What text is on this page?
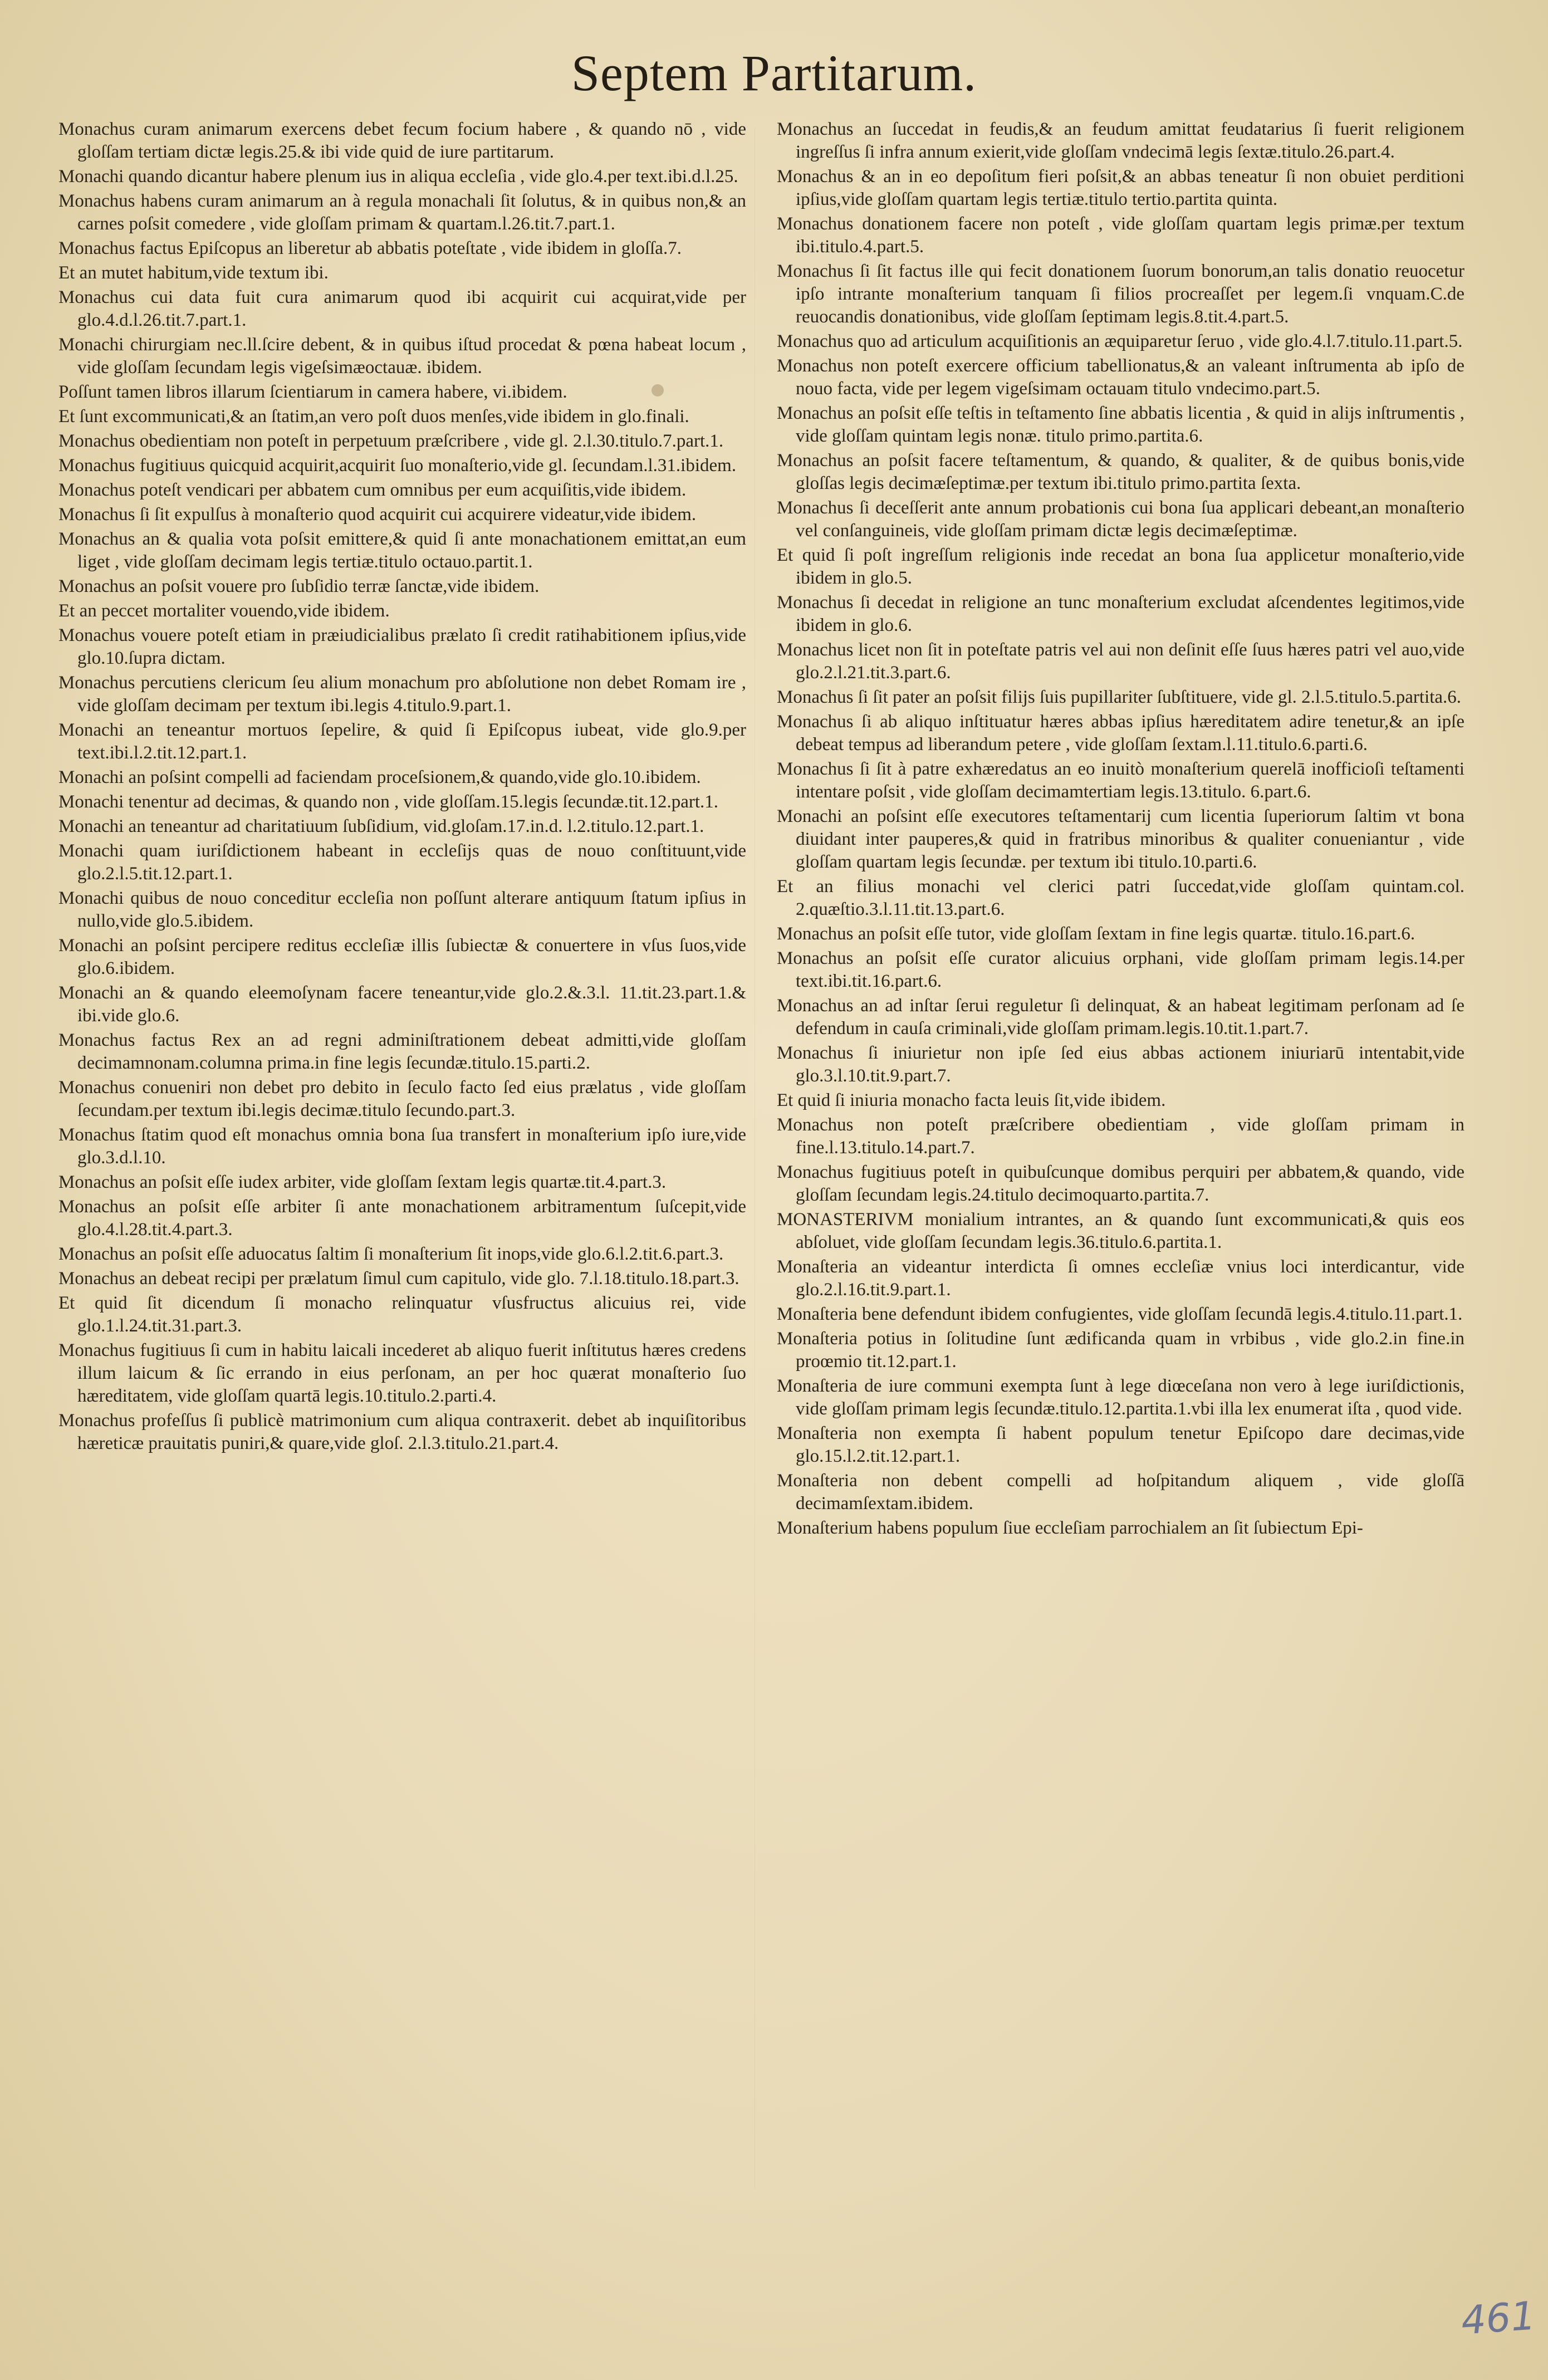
Septem Partitarum.

Monachus curam animarum exercens debet fecum focium habere , & quando nō , vide gloſſam tertiam dictæ legis.25.& ibi vide quid de iure partitarum.

Monachi quando dicantur habere plenum ius in aliqua eccleſia , vide glo.4.per text.ibi.d.l.25.

Monachus habens curam animarum an à regula monachali ſit ſolutus, & in quibus non,& an carnes poſsit comedere , vide gloſſam primam & quartam.l.26.tit.7.part.1.

Monachus factus Epiſcopus an liberetur ab abbatis poteſtate , vide ibidem in gloſſa.7.

Et an mutet habitum,vide textum ibi.

Monachus cui data fuit cura animarum quod ibi acquirit cui acquirat,vide per glo.4.d.l.26.tit.7.part.1.

Monachi chirurgiam nec.ll.ſcire debent, & in quibus iſtud procedat & pœna habeat locum , vide gloſſam ſecundam legis vigeſsimæoctauæ. ibidem.

Poſſunt tamen libros illarum ſcientiarum in camera habere, vi.ibidem.

Et ſunt excommunicati,& an ſtatim,an vero poſt duos menſes,vide ibidem in glo.finali.

Monachus obedientiam non poteſt in perpetuum præſcribere , vide gl. 2.l.30.titulo.7.part.1.

Monachus fugitiuus quicquid acquirit,acquirit ſuo monaſterio,vide gl. ſecundam.l.31.ibidem.

Monachus poteſt vendicari per abbatem cum omnibus per eum acquiſitis,vide ibidem.

Monachus ſi ſit expulſus à monaſterio quod acquirit cui acquirere videatur,vide ibidem.

Monachus an & qualia vota poſsit emittere,& quid ſi ante monachationem emittat,an eum liget , vide gloſſam decimam legis tertiæ.titulo octauo.partit.1.

Monachus an poſsit vouere pro ſubſidio terræ ſanctæ,vide ibidem.

Et an peccet mortaliter vouendo,vide ibidem.

Monachus vouere poteſt etiam in præiudicialibus prælato ſi credit ratihabitionem ipſius,vide glo.10.ſupra dictam.

Monachus percutiens clericum ſeu alium monachum pro abſolutione non debet Romam ire , vide gloſſam decimam per textum ibi.legis 4.titulo.9.part.1.

Monachi an teneantur mortuos ſepelire, & quid ſi Epiſcopus iubeat, vide glo.9.per text.ibi.l.2.tit.12.part.1.

Monachi an poſsint compelli ad faciendam proceſsionem,& quando,vide glo.10.ibidem.

Monachi tenentur ad decimas, & quando non , vide gloſſam.15.legis ſecundæ.tit.12.part.1.

Monachi an teneantur ad charitatiuum ſubſidium, vid.gloſam.17.in.d. l.2.titulo.12.part.1.

Monachi quam iuriſdictionem habeant in eccleſijs quas de nouo conſtituunt,vide glo.2.l.5.tit.12.part.1.

Monachi quibus de nouo conceditur eccleſia non poſſunt alterare antiquum ſtatum ipſius in nullo,vide glo.5.ibidem.

Monachi an poſsint percipere reditus eccleſiæ illis ſubiectæ & conuertere in vſus ſuos,vide glo.6.ibidem.

Monachi an & quando eleemoſynam facere teneantur,vide glo.2.&.3.l. 11.tit.23.part.1.& ibi.vide glo.6.

Monachus factus Rex an ad regni adminiſtrationem debeat admitti,vide gloſſam decimamnonam.columna prima.in fine legis ſecundæ.titulo.15.parti.2.

Monachus conueniri non debet pro debito in ſeculo facto ſed eius prælatus , vide gloſſam ſecundam.per textum ibi.legis decimæ.titulo ſecundo.part.3.

Monachus ſtatim quod eſt monachus omnia bona ſua transfert in monaſterium ipſo iure,vide glo.3.d.l.10.

Monachus an poſsit eſſe iudex arbiter, vide gloſſam ſextam legis quartæ.tit.4.part.3.

Monachus an poſsit eſſe arbiter ſi ante monachationem arbitramentum ſuſcepit,vide glo.4.l.28.tit.4.part.3.

Monachus an poſsit eſſe aduocatus ſaltim ſi monaſterium ſit inops,vide glo.6.l.2.tit.6.part.3.

Monachus an debeat recipi per prælatum ſimul cum capitulo, vide glo. 7.l.18.titulo.18.part.3.

Et quid ſit dicendum ſi monacho relinquatur vſusfructus alicuius rei, vide glo.1.l.24.tit.31.part.3.

Monachus fugitiuus ſi cum in habitu laicali incederet ab aliquo fuerit inſtitutus hæres credens illum laicum & ſic errando in eius perſonam, an per hoc quærat monaſterio ſuo hæreditatem, vide gloſſam quartā legis.10.titulo.2.parti.4.

Monachus profeſſus ſi publicè matrimonium cum aliqua contraxerit. debet ab inquiſitoribus hæreticæ prauitatis puniri,& quare,vide gloſ. 2.l.3.titulo.21.part.4.

Monachus an ſuccedat in feudis,& an feudum amittat feudatarius ſi fuerit religionem ingreſſus ſi infra annum exierit,vide gloſſam vndecimā legis ſextæ.titulo.26.part.4.

Monachus & an in eo depoſitum fieri poſsit,& an abbas teneatur ſi non obuiet perditioni ipſius,vide gloſſam quartam legis tertiæ.titulo tertio.partita quinta.

Monachus donationem facere non poteſt , vide gloſſam quartam legis primæ.per textum ibi.titulo.4.part.5.

Monachus ſi ſit factus ille qui fecit donationem ſuorum bonorum,an talis donatio reuocetur ipſo intrante monaſterium tanquam ſi filios procreaſſet per legem.ſi vnquam.C.de reuocandis donationibus, vide gloſſam ſeptimam legis.8.tit.4.part.5.

Monachus quo ad articulum acquiſitionis an æquiparetur ſeruo , vide glo.4.l.7.titulo.11.part.5.

Monachus non poteſt exercere officium tabellionatus,& an valeant inſtrumenta ab ipſo de nouo facta, vide per legem vigeſsimam octauam titulo vndecimo.part.5.

Monachus an poſsit eſſe teſtis in teſtamento ſine abbatis licentia , & quid in alijs inſtrumentis , vide gloſſam quintam legis nonæ. titulo primo.partita.6.

Monachus an poſsit facere teſtamentum, & quando, & qualiter, & de quibus bonis,vide gloſſas legis decimæſeptimæ.per textum ibi.titulo primo.partita ſexta.

Monachus ſi deceſſerit ante annum probationis cui bona ſua applicari debeant,an monaſterio vel conſanguineis, vide gloſſam primam dictæ legis decimæſeptimæ.

Et quid ſi poſt ingreſſum religionis inde recedat an bona ſua applicetur monaſterio,vide ibidem in glo.5.

Monachus ſi decedat in religione an tunc monaſterium excludat aſcendentes legitimos,vide ibidem in glo.6.

Monachus licet non ſit in poteſtate patris vel aui non deſinit eſſe ſuus hæres patri vel auo,vide glo.2.l.21.tit.3.part.6.

Monachus ſi ſit pater an poſsit filijs ſuis pupillariter ſubſtituere, vide gl. 2.l.5.titulo.5.partita.6.

Monachus ſi ab aliquo inſtituatur hæres abbas ipſius hæreditatem adire tenetur,& an ipſe debeat tempus ad liberandum petere , vide gloſſam ſextam.l.11.titulo.6.parti.6.

Monachus ſi ſit à patre exhæredatus an eo inuitò monaſterium querelā inofficioſi teſtamenti intentare poſsit , vide gloſſam decimamtertiam legis.13.titulo. 6.part.6.

Monachi an poſsint eſſe executores teſtamentarij cum licentia ſuperiorum ſaltim vt bona diuidant inter pauperes,& quid in fratribus minoribus & qualiter conueniantur , vide gloſſam quartam legis ſecundæ. per textum ibi titulo.10.parti.6.

Et an filius monachi vel clerici patri ſuccedat,vide gloſſam quintam.col. 2.quæſtio.3.l.11.tit.13.part.6.

Monachus an poſsit eſſe tutor, vide gloſſam ſextam in fine legis quartæ. titulo.16.part.6.

Monachus an poſsit eſſe curator alicuius orphani, vide gloſſam primam legis.14.per text.ibi.tit.16.part.6.

Monachus an ad inſtar ſerui reguletur ſi delinquat, & an habeat legitimam perſonam ad ſe defendum in cauſa criminali,vide gloſſam primam.legis.10.tit.1.part.7.

Monachus ſi iniurietur non ipſe ſed eius abbas actionem iniuriarū intentabit,vide glo.3.l.10.tit.9.part.7.

Et quid ſi iniuria monacho facta leuis ſit,vide ibidem.

Monachus non poteſt præſcribere obedientiam , vide gloſſam primam in fine.l.13.titulo.14.part.7.

Monachus fugitiuus poteſt in quibuſcunque domibus perquiri per abbatem,& quando, vide gloſſam ſecundam legis.24.titulo decimoquarto.partita.7.

MONASTERIVM monialium intrantes, an & quando ſunt excommunicati,& quis eos abſoluet, vide gloſſam ſecundam legis.36.titulo.6.partita.1.

Monaſteria an videantur interdicta ſi omnes eccleſiæ vnius loci interdicantur, vide glo.2.l.16.tit.9.part.1.

Monaſteria bene defendunt ibidem confugientes, vide gloſſam ſecundā legis.4.titulo.11.part.1.

Monaſteria potius in ſolitudine ſunt ædificanda quam in vrbibus , vide glo.2.in fine.in proœmio tit.12.part.1.

Monaſteria de iure communi exempta ſunt à lege diœceſana non vero à lege iuriſdictionis, vide gloſſam primam legis ſecundæ.titulo.12.partita.1.vbi illa lex enumerat iſta , quod vide.

Monaſteria non exempta ſi habent populum tenetur Epiſcopo dare decimas,vide glo.15.l.2.tit.12.part.1.

Monaſteria non debent compelli ad hoſpitandum aliquem , vide gloſſā decimamſextam.ibidem.

Monaſterium habens populum ſiue eccleſiam parrochialem an ſit ſubiectum Epi-

461
